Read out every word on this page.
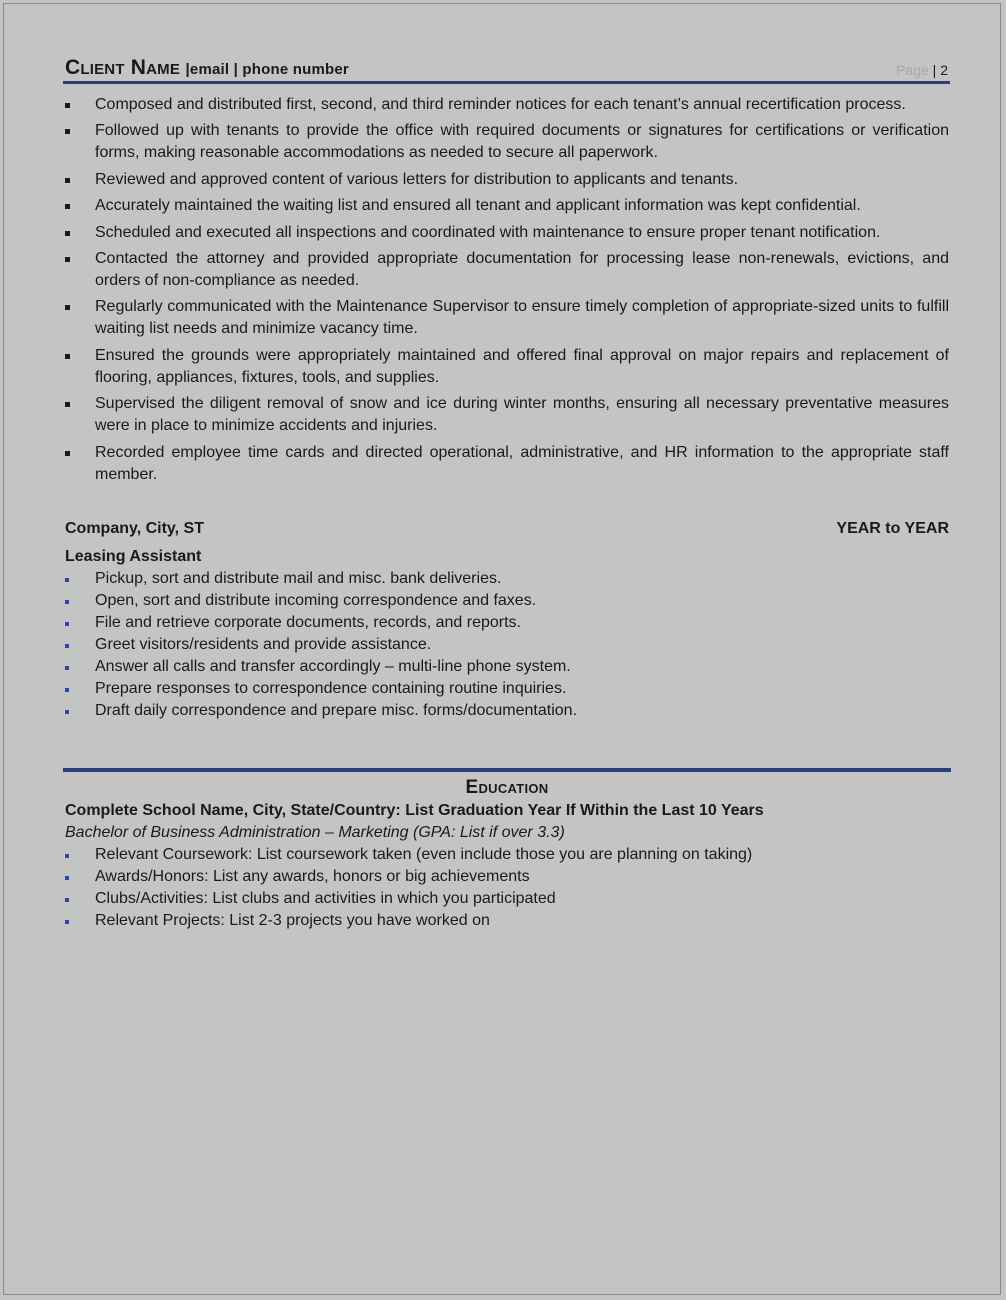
Client Name |email | phone number	Page | 2
Composed and distributed first, second, and third reminder notices for each tenant’s annual recertification process.
Followed up with tenants to provide the office with required documents or signatures for certifications or verification forms, making reasonable accommodations as needed to secure all paperwork.
Reviewed and approved content of various letters for distribution to applicants and tenants.
Accurately maintained the waiting list and ensured all tenant and applicant information was kept confidential.
Scheduled and executed all inspections and coordinated with maintenance to ensure proper tenant notification.
Contacted the attorney and provided appropriate documentation for processing lease non-renewals, evictions, and orders of non-compliance as needed.
Regularly communicated with the Maintenance Supervisor to ensure timely completion of appropriate-sized units to fulfill waiting list needs and minimize vacancy time.
Ensured the grounds were appropriately maintained and offered final approval on major repairs and replacement of flooring, appliances, fixtures, tools, and supplies.
Supervised the diligent removal of snow and ice during winter months, ensuring all necessary preventative measures were in place to minimize accidents and injuries.
Recorded employee time cards and directed operational, administrative, and HR information to the appropriate staff member.
Company, City, ST	YEAR to YEAR
Leasing Assistant
Pickup, sort and distribute mail and misc. bank deliveries.
Open, sort and distribute incoming correspondence and faxes.
File and retrieve corporate documents, records, and reports.
Greet visitors/residents and provide assistance.
Answer all calls and transfer accordingly – multi-line phone system.
Prepare responses to correspondence containing routine inquiries.
Draft daily correspondence and prepare misc. forms/documentation.
Education
Complete School Name, City, State/Country: List Graduation Year If Within the Last 10 Years
Bachelor of Business Administration – Marketing (GPA: List if over 3.3)
Relevant Coursework: List coursework taken (even include those you are planning on taking)
Awards/Honors: List any awards, honors or big achievements
Clubs/Activities: List clubs and activities in which you participated
Relevant Projects: List 2-3 projects you have worked on
